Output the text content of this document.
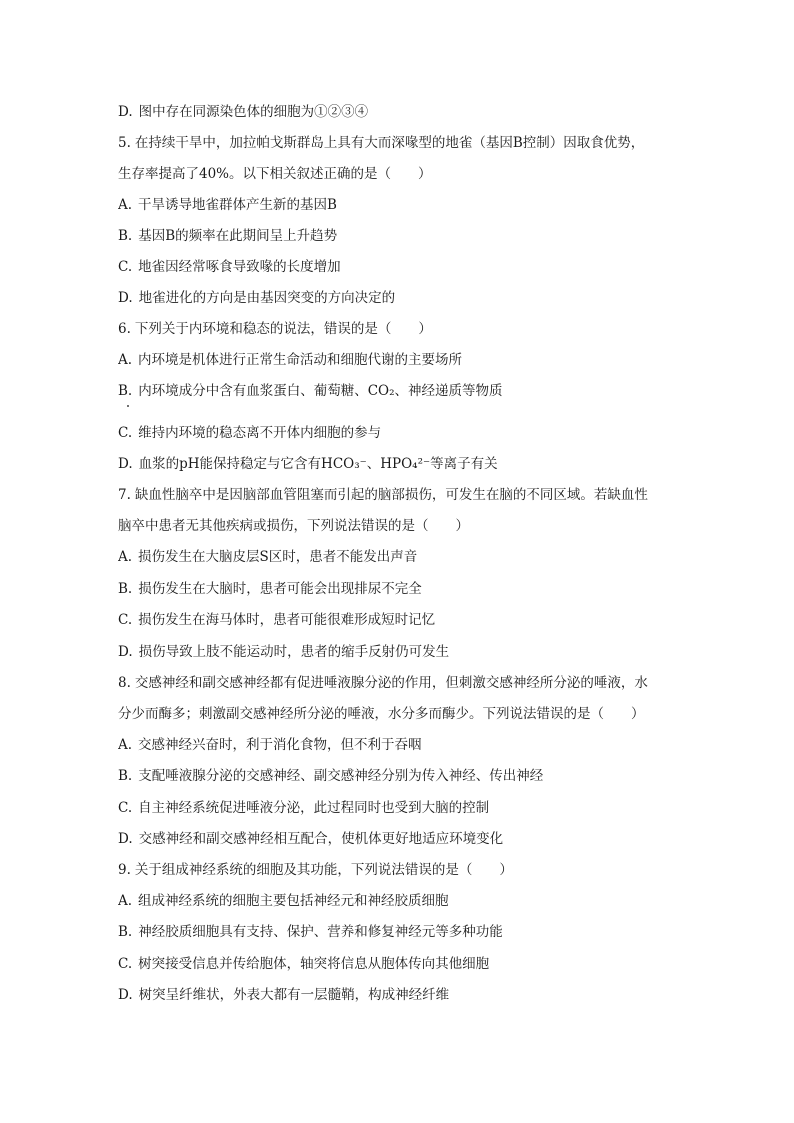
D. 图中存在同源染色体的细胞为①②③④
5. 在持续干旱中，加拉帕戈斯群岛上具有大而深喙型的地雀（基因B控制）因取食优势，
生存率提高了40%。以下相关叙述正确的是（　　）
A. 干旱诱导地雀群体产生新的基因B
B. 基因B的频率在此期间呈上升趋势
C. 地雀因经常啄食导致喙的长度增加
D. 地雀进化的方向是由基因突变的方向决定的
6. 下列关于内环境和稳态的说法，错误的是（　　）
A. 内环境是机体进行正常生命活动和细胞代谢的主要场所
B. 内环境成分中含有血浆蛋白、葡萄糖、CO₂、神经递质等物质
C. 维持内环境的稳态离不开体内细胞的参与
D. 血浆的pH能保持稳定与它含有HCO₃⁻、HPO₄²⁻等离子有关
7. 缺血性脑卒中是因脑部血管阻塞而引起的脑部损伤，可发生在脑的不同区域。若缺血性
脑卒中患者无其他疾病或损伤，下列说法错误的是（　　）
A. 损伤发生在大脑皮层S区时，患者不能发出声音
B. 损伤发生在大脑时，患者可能会出现排尿不完全
C. 损伤发生在海马体时，患者可能很难形成短时记忆
D. 损伤导致上肢不能运动时，患者的缩手反射仍可发生
8. 交感神经和副交感神经都有促进唾液腺分泌的作用，但刺激交感神经所分泌的唾液，水
分少而酶多；刺激副交感神经所分泌的唾液，水分多而酶少。下列说法错误的是（　　）
A. 交感神经兴奋时，利于消化食物，但不利于吞咽
B. 支配唾液腺分泌的交感神经、副交感神经分别为传入神经、传出神经
C. 自主神经系统促进唾液分泌，此过程同时也受到大脑的控制
D. 交感神经和副交感神经相互配合，使机体更好地适应环境变化
9. 关于组成神经系统的细胞及其功能，下列说法错误的是（　　）
A. 组成神经系统的细胞主要包括神经元和神经胶质细胞
B. 神经胶质细胞具有支持、保护、营养和修复神经元等多种功能
C. 树突接受信息并传给胞体，轴突将信息从胞体传向其他细胞
D. 树突呈纤维状，外表大都有一层髓鞘，构成神经纤维
